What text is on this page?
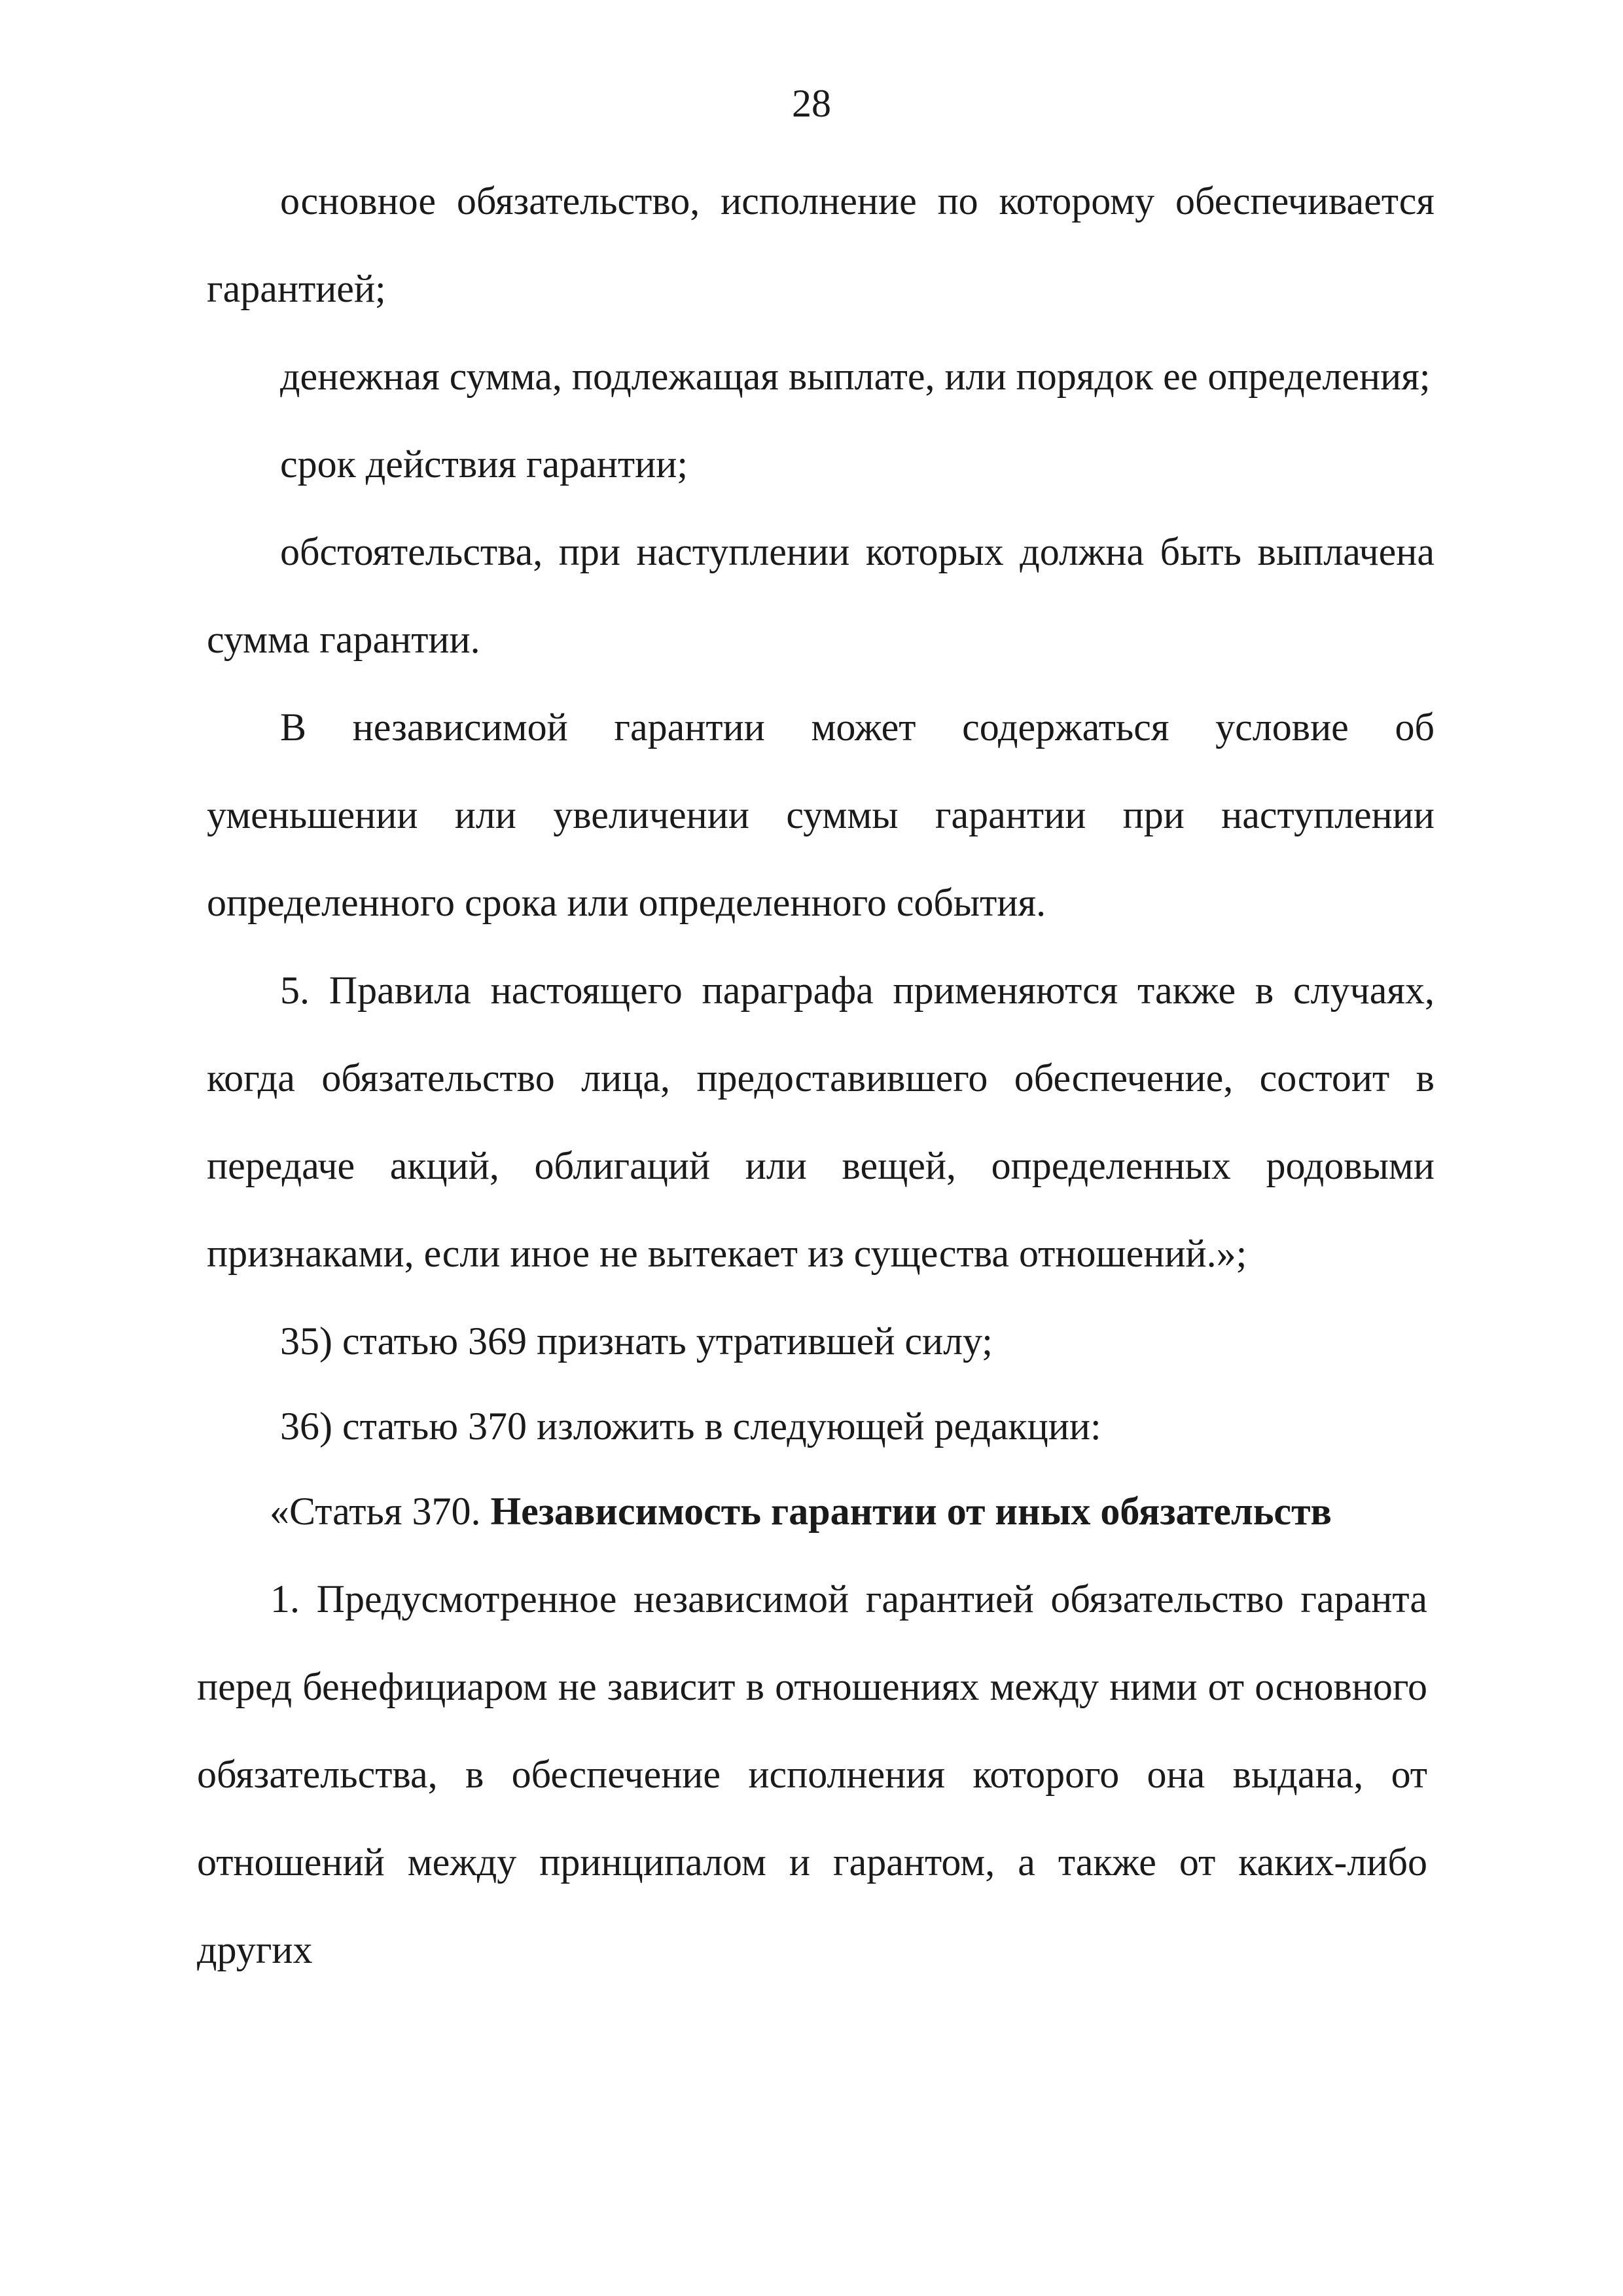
28

основное обязательство, исполнение по которому обеспечивается гарантией;

денежная сумма, подлежащая выплате, или порядок ее определения;

срок действия гарантии;

обстоятельства, при наступлении которых должна быть выплачена сумма гарантии.

В независимой гарантии может содержаться условие об уменьшении или увеличении суммы гарантии при наступлении определенного срока или определенного события.

5. Правила настоящего параграфа применяются также в случаях, когда обязательство лица, предоставившего обеспечение, состоит в передаче акций, облигаций или вещей, определенных родовыми признаками, если иное не вытекает из существа отношений.»;

35) статью 369 признать утратившей силу;

36) статью 370 изложить в следующей редакции:

«Статья 370. Независимость гарантии от иных обязательств

1. Предусмотренное независимой гарантией обязательство гаранта перед бенефициаром не зависит в отношениях между ними от основного обязательства, в обеспечение исполнения которого она выдана, от отношений между принципалом и гарантом, а также от каких-либо других
